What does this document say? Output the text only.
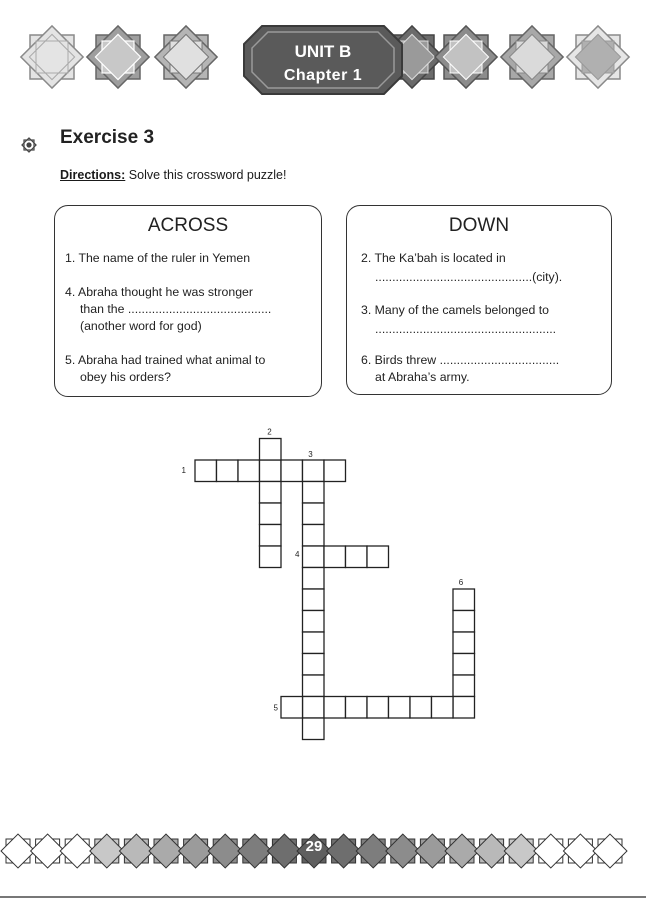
UNIT B
Chapter 1
Exercise 3
Directions: Solve this crossword puzzle!
ACROSS
1. The name of the ruler in Yemen
4. Abraha thought he was stronger
than the ..........................................
(another word for god)
5. Abraha had trained what animal to
obey his orders?
DOWN
2. The Ka’bah is located in
..............................................(city).
3. Many of the camels belonged to
.....................................................
6. Birds threw ...................................
at Abraha’s army.
1
2
3
4
5
6
29
